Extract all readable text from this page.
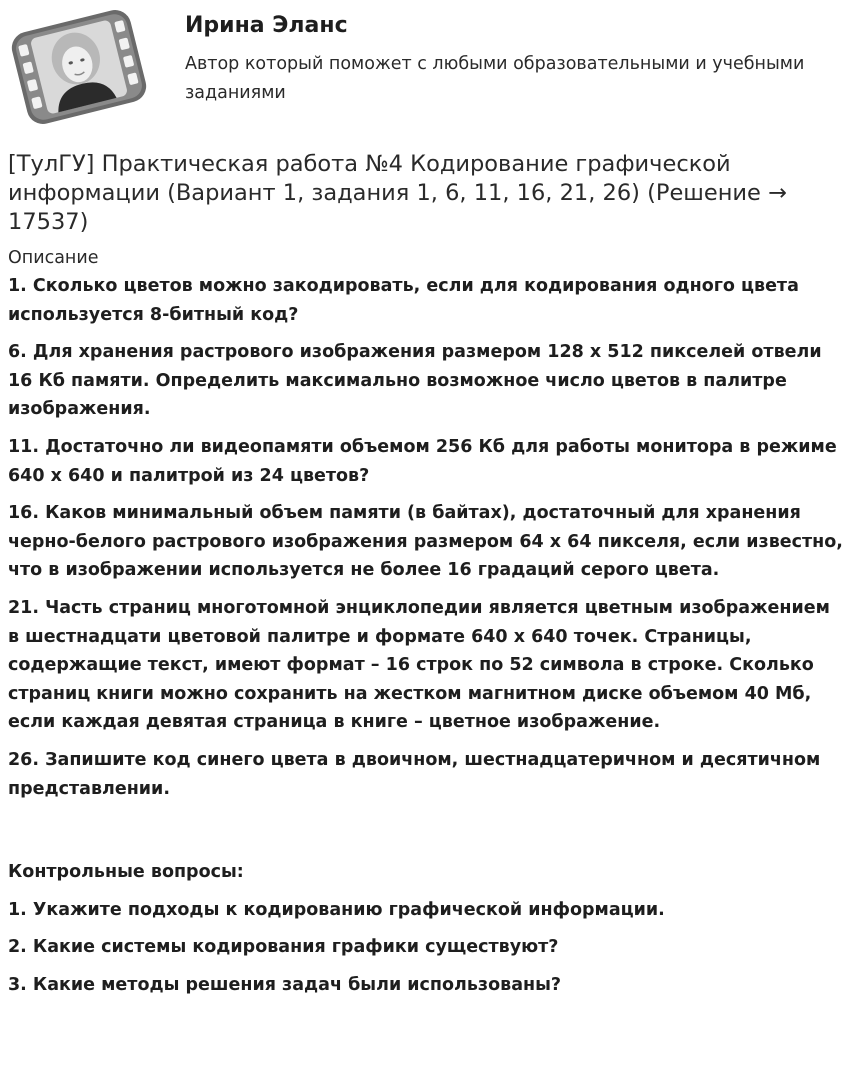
Ирина Эланс
Автор который поможет с любыми образовательными и учебными заданиями
[ТулГУ] Практическая работа №4 Кодирование графической информации (Вариант 1, задания 1, 6, 11, 16, 21, 26) (Решение → 17537)
Описание

1. Сколько цветов можно закодировать, если для кодирования одного цвета используется 8-битный код?

6. Для хранения растрового изображения размером 128 x 512 пикселей отвели 16 Кб памяти. Определить максимально возможное число цветов в палитре изображения.

11. Достаточно ли видеопамяти объемом 256 Кб для работы монитора в режиме 640 х 640 и палитрой из 24 цветов?

16. Каков минимальный объем памяти (в байтах), достаточный для хранения черно-белого растрового изображения размером 64 х 64 пикселя, если известно, что в изображении используется не более 16 градаций серого цвета.

21. Часть страниц многотомной энциклопедии является цветным изображением в шестнадцати цветовой палитре и формате 640 х 640 точек. Страницы, содержащие текст, имеют формат – 16 строк по 52 символа в строке. Сколько страниц книги можно сохранить на жестком магнитном диске объемом 40 Мб, если каждая девятая страница в книге – цветное изображение.

26. Запишите код синего цвета в двоичном, шестнадцатеричном и десятичном представлении.

Контрольные вопросы:

1. Укажите подходы к кодированию графической информации.

2. Какие системы кодирования графики существуют?

3. Какие методы решения задач были использованы?
